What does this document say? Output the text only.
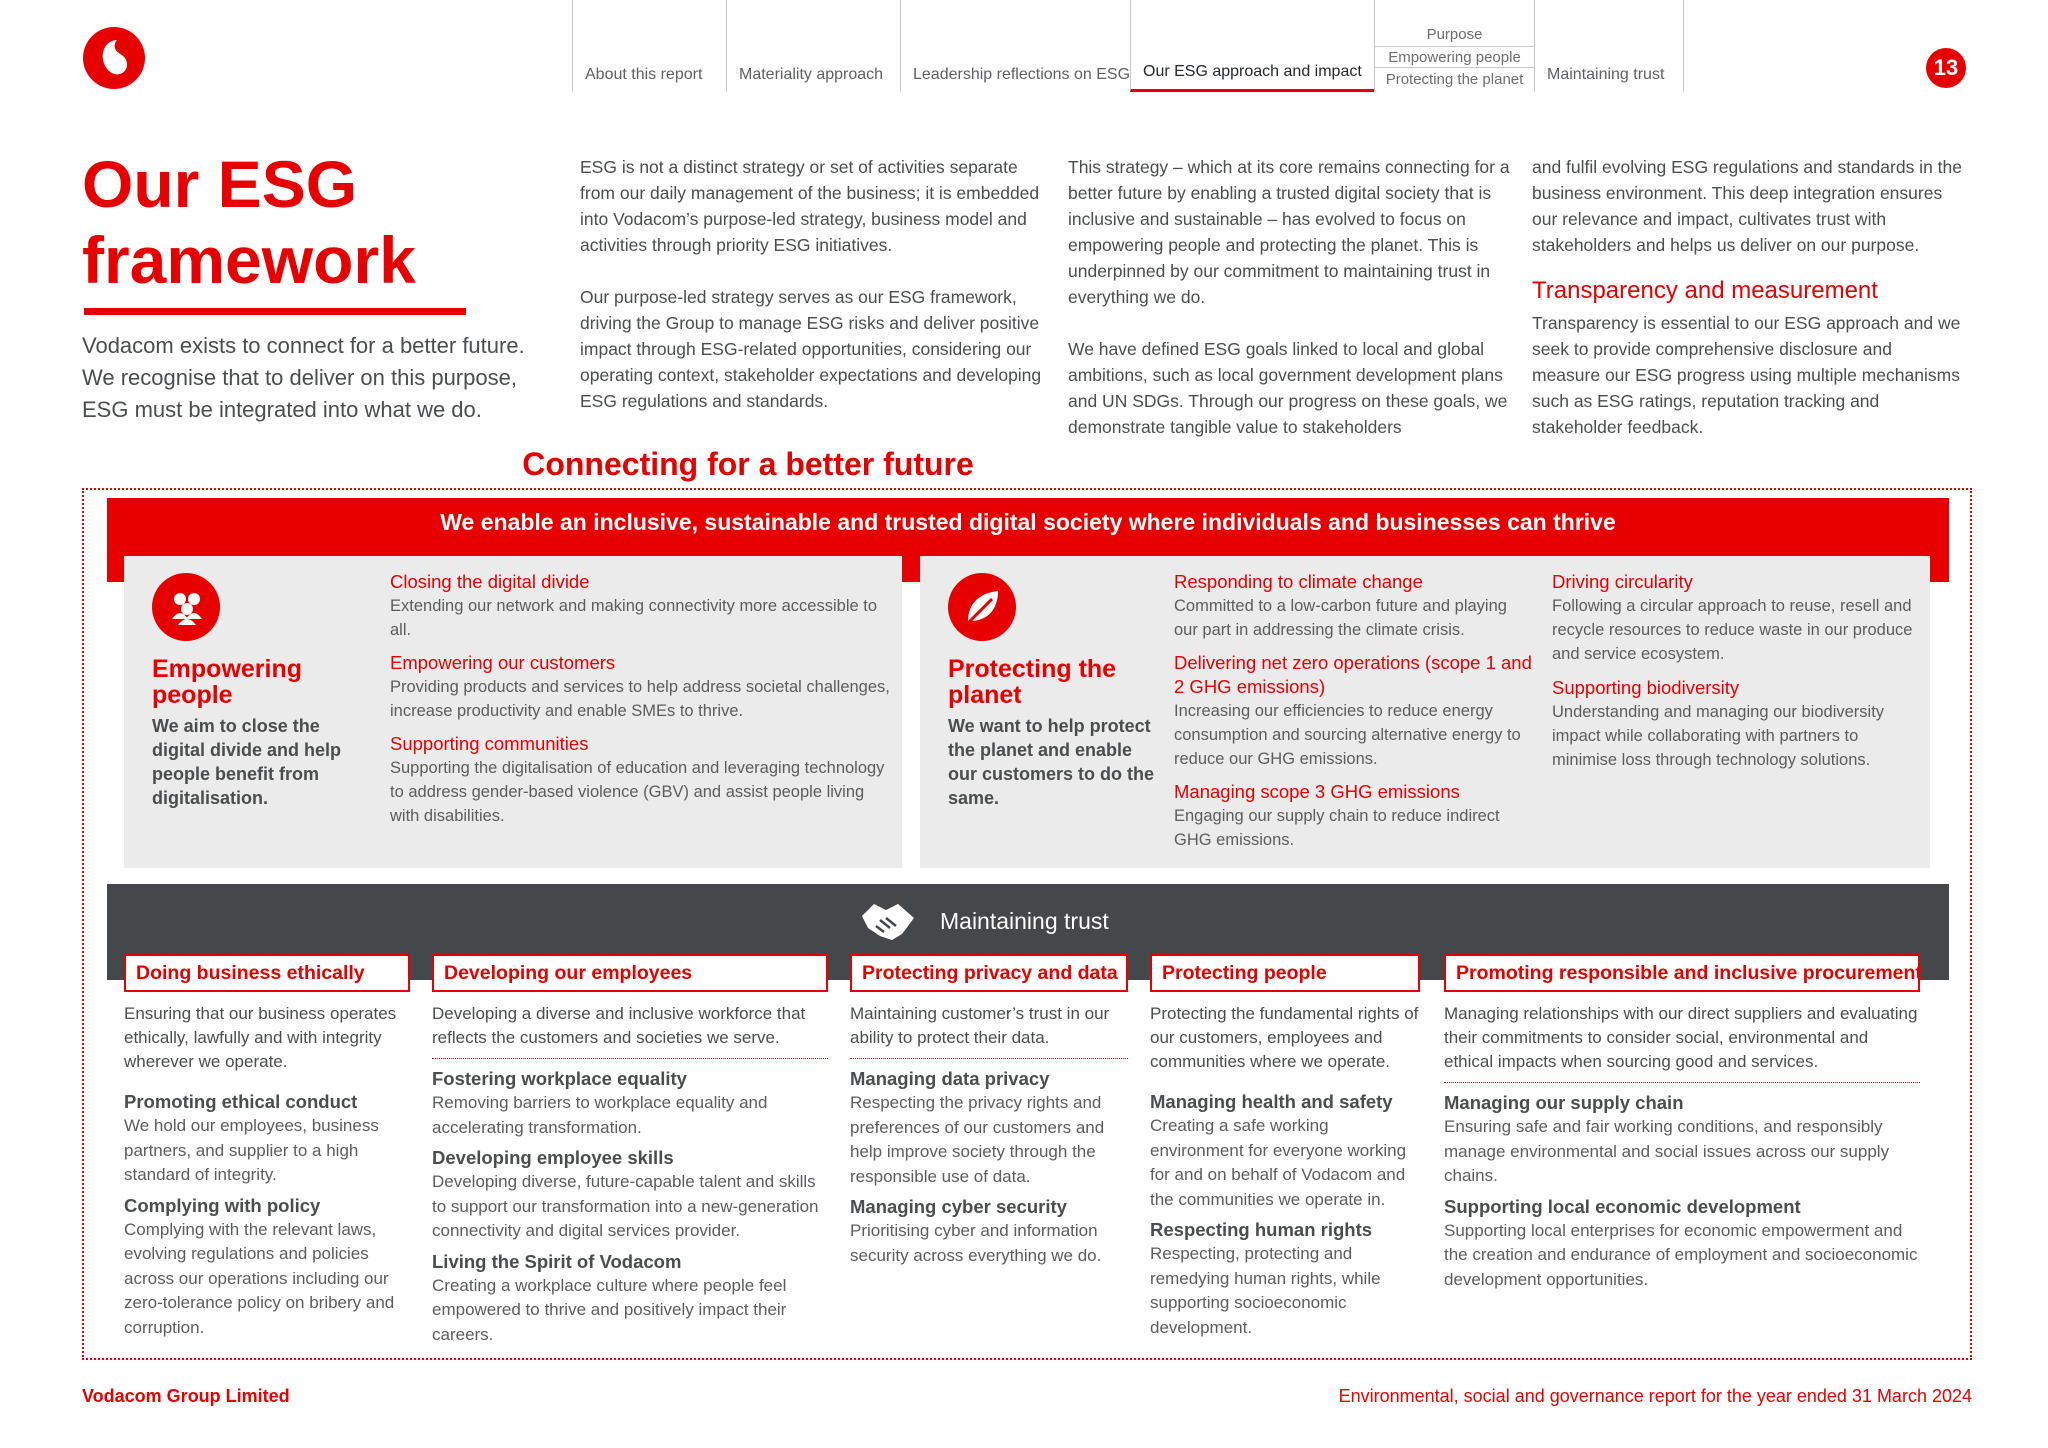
About this report	Materiality approach	Leadership reflections on ESG Our ESG approach and impact
Purpose
Empowering people
Protecting the planet	Maintaining trust	13
Our ESG
framework
Vodacom exists to connect for a better future. We recognise that to deliver on this purpose, ESG must be integrated into what we do.

ESG is not a distinct strategy or set of activities separate from our daily management of the business; it is embedded into Vodacom’s purpose-led strategy, business model and activities through priority ESG initiatives.

Our purpose-led strategy serves as our ESG framework, driving the Group to manage ESG risks and deliver positive impact through ESG-related opportunities, considering our operating context, stakeholder expectations and developing ESG regulations and standards.

This strategy – which at its core remains connecting for a better future by enabling a trusted digital society that is inclusive and sustainable – has evolved to focus on empowering people and protecting the planet. This is underpinned by our commitment to maintaining trust in everything we do.

We have defined ESG goals linked to local and global ambitions, such as local government development plans and UN SDGs. Through our progress on these goals, we demonstrate tangible value to stakeholders

and fulfil evolving ESG regulations and standards in the business environment. This deep integration ensures our relevance and impact, cultivates trust with stakeholders and helps us deliver on our purpose.

Transparency and measurement

Transparency is essential to our ESG approach and we seek to provide comprehensive disclosure and measure our ESG progress using multiple mechanisms such as ESG ratings, reputation tracking and stakeholder feedback.

Connecting for a better future
We enable an inclusive, sustainable and trusted digital society where individuals and businesses can thrive
Empowering people
We aim to close the digital divide and help people benefit from digitalisation.
Closing the digital divide
Extending our network and making connectivity more accessible to all.
Empowering our customers
Providing products and services to help address societal challenges, increase productivity and enable SMEs to thrive.
Supporting communities
Supporting the digitalisation of education and leveraging technology to address gender-based violence (GBV) and assist people living with disabilities.
Protecting the planet
We want to help protect the planet and enable our customers to do the same.
Responding to climate change
Committed to a low-carbon future and playing our part in addressing the climate crisis.
Delivering net zero operations (scope 1 and 2 GHG emissions)
Increasing our efficiencies to reduce energy consumption and sourcing alternative energy to reduce our GHG emissions.
Managing scope 3 GHG emissions
Engaging our supply chain to reduce indirect GHG emissions.
Driving circularity
Following a circular approach to reuse, resell and recycle resources to reduce waste in our produce and service ecosystem.
Supporting biodiversity
Understanding and managing our biodiversity impact while collaborating with partners to minimise loss through technology solutions.
Maintaining trust
Doing business ethically
Ensuring that our business operates ethically, lawfully and with integrity wherever we operate.
Promoting ethical conduct
We hold our employees, business partners, and supplier to a high standard of integrity.
Complying with policy
Complying with the relevant laws, evolving regulations and policies across our operations including our zero-tolerance policy on bribery and corruption.
Developing our employees
Developing a diverse and inclusive workforce that reflects the customers and societies we serve.
Fostering workplace equality
Removing barriers to workplace equality and accelerating transformation.
Developing employee skills
Developing diverse, future-capable talent and skills to support our transformation into a new-generation connectivity and digital services provider.
Living the Spirit of Vodacom
Creating a workplace culture where people feel empowered to thrive and positively impact their careers.
Protecting privacy and data
Maintaining customer’s trust in our ability to protect their data.
Managing data privacy
Respecting the privacy rights and preferences of our customers and help improve society through the responsible use of data.
Managing cyber security
Prioritising cyber and information security across everything we do.
Protecting people
Protecting the fundamental rights of our customers, employees and communities where we operate.
Managing health and safety
Creating a safe working environment for everyone working for and on behalf of Vodacom and the communities we operate in.
Respecting human rights
Respecting, protecting and remedying human rights, while supporting socioeconomic development.
Promoting responsible and inclusive procurement
Managing relationships with our direct suppliers and evaluating their commitments to consider social, environmental and ethical impacts when sourcing good and services.
Managing our supply chain
Ensuring safe and fair working conditions, and responsibly manage environmental and social issues across our supply chains.
Supporting local economic development
Supporting local enterprises for economic empowerment and the creation and endurance of employment and socioeconomic development opportunities.
Vodacom Group Limited	Environmental, social and governance report for the year ended 31 March 2024
